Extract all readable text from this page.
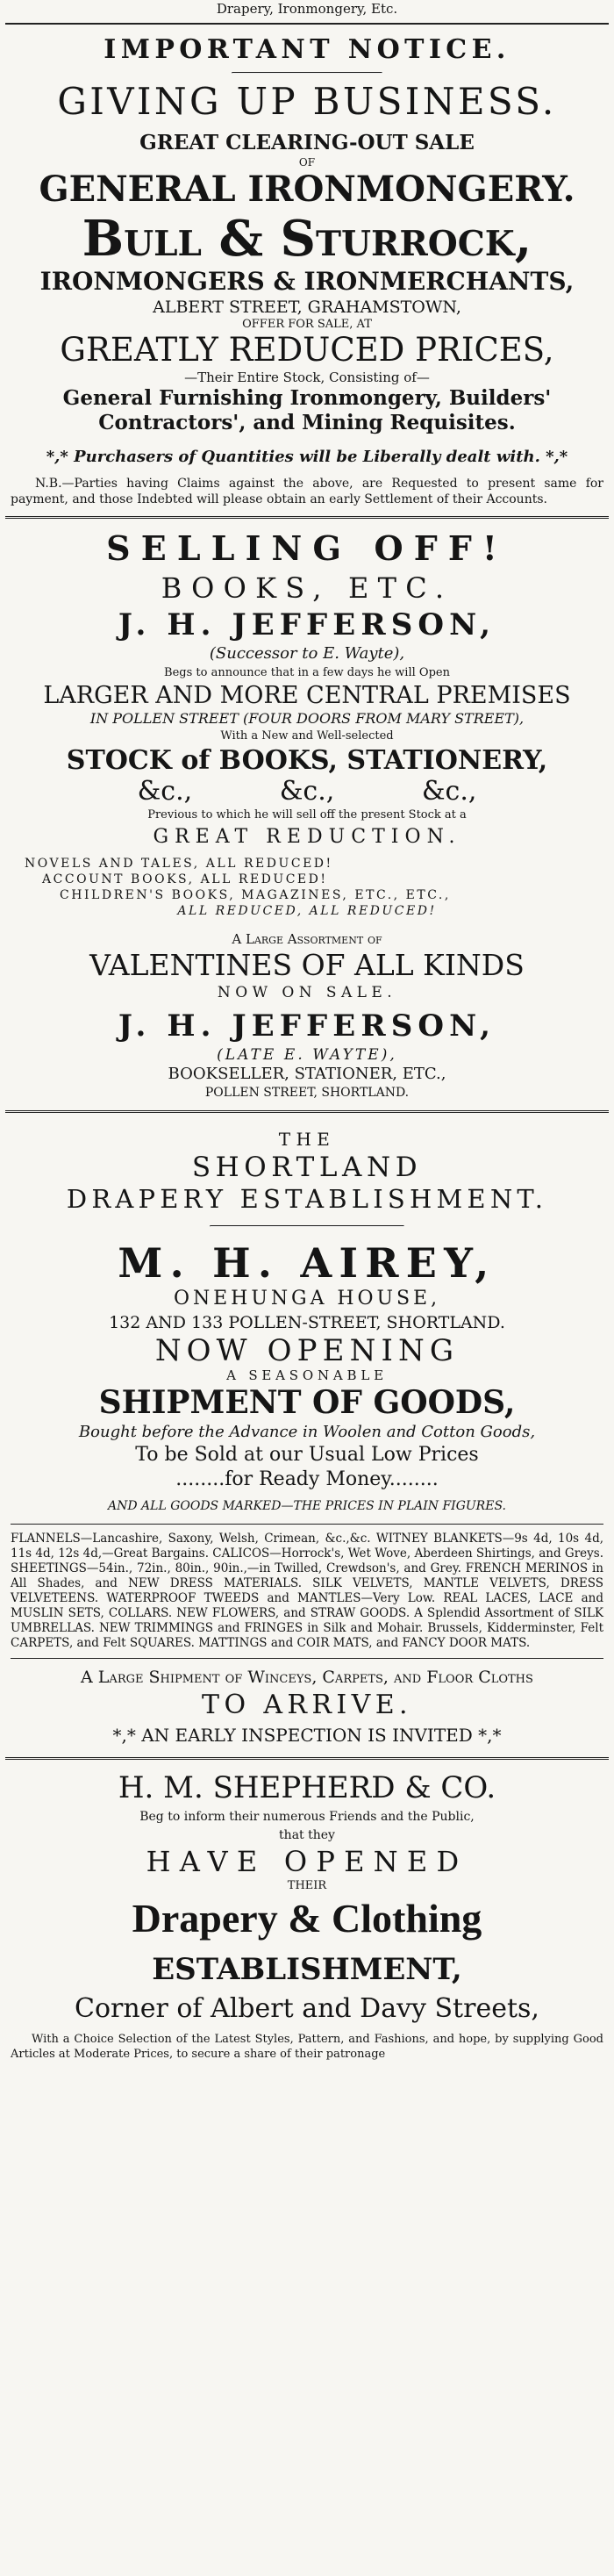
Drapery, Ironmongery, Etc.
IMPORTANT NOTICE.
GIVING UP BUSINESS.
GREAT CLEARING-OUT SALE
OF
GENERAL IRONMONGERY.
Bull & Sturrock,
IRONMONGERS & IRONMERCHANTS,
ALBERT STREET, GRAHAMSTOWN,
OFFER FOR SALE, AT
GREATLY REDUCED PRICES,
—Their Entire Stock, Consisting of—
General Furnishing Ironmongery, Builders'
Contractors', and Mining Requisites.
*,* Purchasers of Quantities will be Liberally dealt with. *,*
N.B.—Parties having Claims against the above, are Requested to present same for payment, and those Indebted will please obtain an early Settlement of their Accounts.
SELLING OFF!
BOOKS, ETC.
J. H. JEFFERSON,
(Successor to E. Wayte),
Begs to announce that in a few days he will Open
LARGER AND MORE CENTRAL PREMISES
IN POLLEN STREET (FOUR DOORS FROM MARY STREET),
With a New and Well-selected
STOCK of BOOKS, STATIONERY,
&c., &c., &c.,
Previous to which he will sell off the present Stock at a
GREAT REDUCTION.
NOVELS AND TALES, ALL REDUCED!
ACCOUNT BOOKS, ALL REDUCED!
CHILDREN'S BOOKS, MAGAZINES, ETC., ETC.,
ALL REDUCED, ALL REDUCED!
A Large Assortment of
VALENTINES OF ALL KINDS
NOW ON SALE.
J. H. JEFFERSON,
(LATE E. WAYTE),
BOOKSELLER, STATIONER, ETC.,
POLLEN STREET, SHORTLAND.
THE
SHORTLAND
DRAPERY ESTABLISHMENT.
M. H. AIREY,
ONEHUNGA HOUSE,
132 AND 133 POLLEN-STREET, SHORTLAND.
NOW OPENING
A SEASONABLE
SHIPMENT OF GOODS,
Bought before the Advance in Woolen and Cotton Goods,
To be Sold at our Usual Low Prices
........for Ready Money........
AND ALL GOODS MARKED—THE PRICES IN PLAIN FIGURES.
FLANNELS—Lancashire, Saxony, Welsh, Crimean, &c.,&c. WITNEY BLANKETS—9s 4d, 10s 4d, 11s 4d, 12s 4d,—Great Bargains. CALICOS—Horrock's, Wet Wove, Aberdeen Shirtings, and Greys. SHEETINGS—54in., 72in., 80in., 90in.,—in Twilled, Crewdson's, and Grey. FRENCH MERINOS in All Shades, and NEW DRESS MATERIALS. SILK VELVETS, MANTLE VELVETS, DRESS VELVETEENS. WATERPROOF TWEEDS and MANTLES—Very Low. REAL LACES, LACE and MUSLIN SETS, COLLARS. NEW FLOWERS, and STRAW GOODS. A Splendid Assortment of SILK UMBRELLAS. NEW TRIMMINGS and FRINGES in Silk and Mohair. Brussels, Kidderminster, Felt CARPETS, and Felt SQUARES. MATTINGS and COIR MATS, and FANCY DOOR MATS.
A Large Shipment of Winceys, Carpets, and Floor Cloths
TO ARRIVE.
*,* AN EARLY INSPECTION IS INVITED *,*
H. M. SHEPHERD & CO.
Beg to inform their numerous Friends and the Public,
that they
HAVE OPENED
THEIR
Drapery & Clothing
ESTABLISHMENT,
Corner of Albert and Davy Streets,
With a Choice Selection of the Latest Styles, Pattern, and Fashions, and hope, by supplying Good Articles at Moderate Prices, to secure a share of their patronage
